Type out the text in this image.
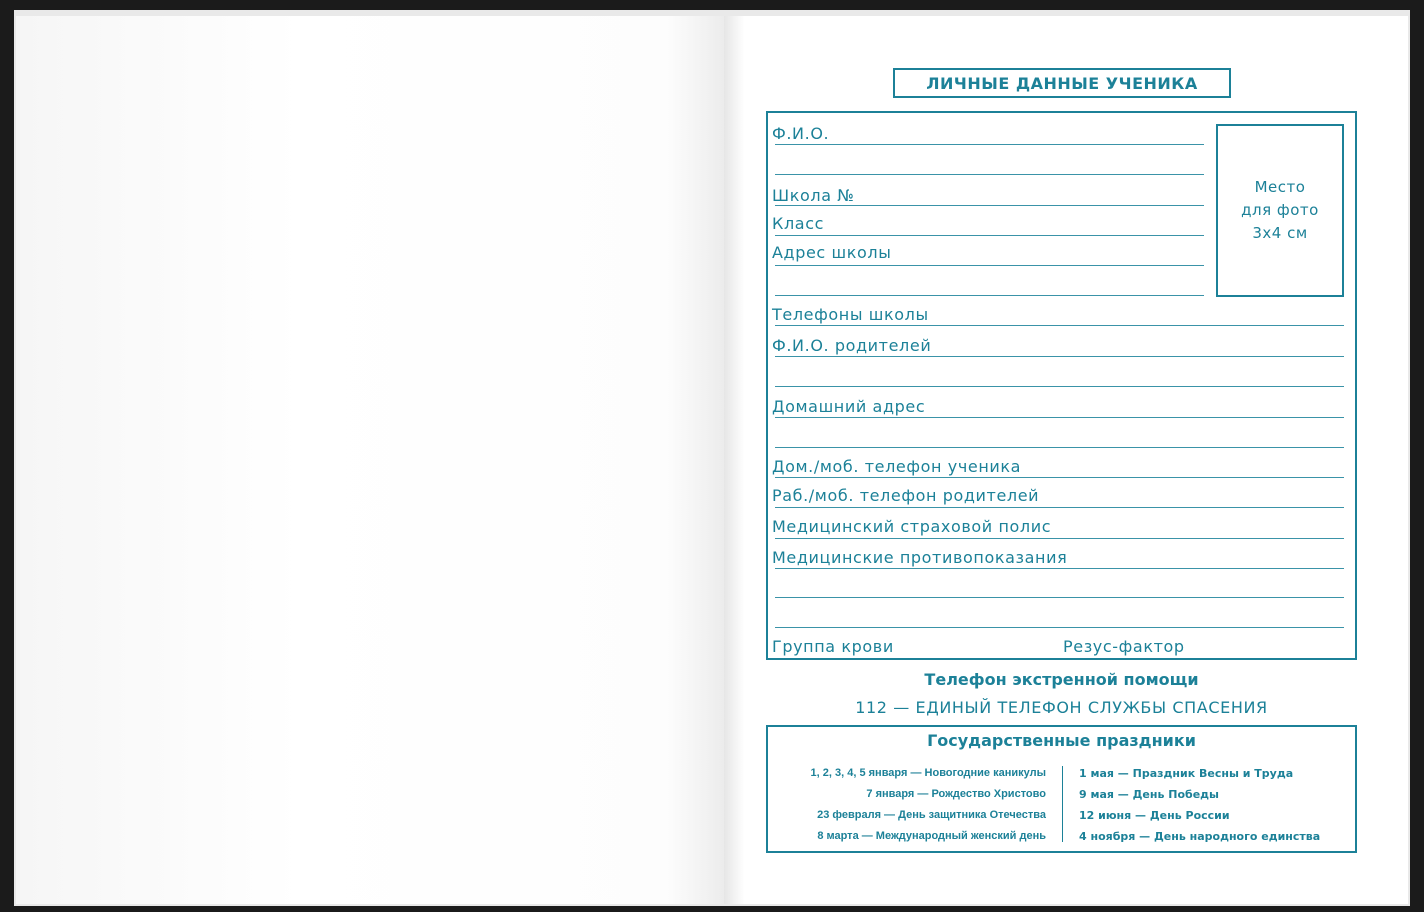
ЛИЧНЫЕ ДАННЫЕ УЧЕНИКА
Место
для фото
3x4 см
Ф.И.О.
Школа №
Класс
Адрес школы
Телефоны школы
Ф.И.О. родителей
Домашний адрес
Дом./моб. телефон ученика
Раб./моб. телефон родителей
Медицинский страховой полис
Медицинские противопоказания
Группа крови	Резус-фактор
Телефон экстренной помощи
112 — ЕДИНЫЙ ТЕЛЕФОН СЛУЖБЫ СПАСЕНИЯ
Государственные праздники
1, 2, 3, 4, 5 января — Новогодние каникулы
7 января — Рождество Христово
23 февраля — День защитника Отечества
8 марта — Международный женский день
1 мая — Праздник Весны и Труда
9 мая — День Победы
12 июня — День России
4 ноября — День народного единства
